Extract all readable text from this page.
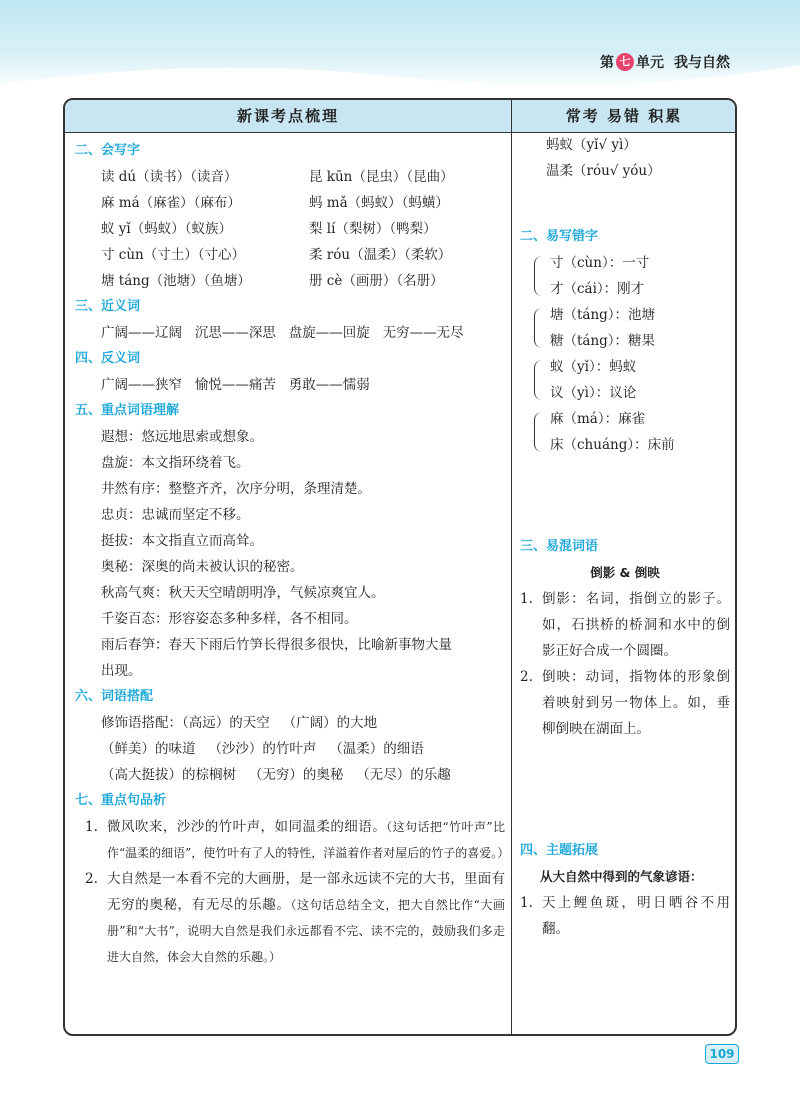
第 七 单元 我与自然
新课考点梳理	常考 易错 积累
二、会写字
读 dú（读书）（读音）	昆 kūn（昆虫）（昆曲）
麻 má（麻雀）（麻布）	蚂 mǎ（蚂蚁）（蚂蟥）
蚁 yǐ（蚂蚁）（蚁族）	梨 lí（梨树）（鸭梨）
寸 cùn（寸土）（寸心）	柔 róu（温柔）（柔软）
塘 táng（池塘）（鱼塘）	册 cè（画册）（名册）
三、近义词
广阔——辽阔   沉思——深思   盘旋——回旋   无穷——无尽
四、反义词
广阔——狭窄   愉悦——痛苦   勇敢——懦弱
五、重点词语理解
遐想：悠远地思索或想象。
盘旋：本文指环绕着飞。
井然有序：整整齐齐，次序分明，条理清楚。
忠贞：忠诚而坚定不移。
挺拔：本文指直立而高耸。
奥秘：深奥的尚未被认识的秘密。
秋高气爽：秋天天空晴朗明净，气候凉爽宜人。
千姿百态：形容姿态多种多样，各不相同。
雨后春笋：春天下雨后竹笋长得很多很快，比喻新事物大量
出现。
六、词语搭配
修饰语搭配：（高远）的天空   （广阔）的大地
（鲜美）的味道   （沙沙）的竹叶声   （温柔）的细语
（高大挺拔）的棕榈树   （无穷）的奥秘   （无尽）的乐趣
七、重点句品析
1. 微风吹来，沙沙的竹叶声，如同温柔的细语。（这句话把“竹叶声”比作“温柔的细语”，使竹叶有了人的特性，洋溢着作者对屋后的竹子的喜爱。）
2. 大自然是一本看不完的大画册，是一部永远读不完的大书，里面有无穷的奥秘，有无尽的乐趣。（这句话总结全文，把大自然比作“大画册”和“大书”，说明大自然是我们永远都看不完、读不完的，鼓励我们多走进大自然，体会大自然的乐趣。）
蚂蚁（yǐ√ yì）
温柔（róu√ yóu）
二、易写错字
寸（cùn）：一寸
才（cái）：刚才
塘（táng）：池塘
糖（táng）：糖果
蚁（yǐ）：蚂蚁
议（yì）：议论
麻（má）：麻雀
床（chuáng）：床前
三、易混词语
倒影 & 倒映
1. 倒影：名词，指倒立的影子。如，石拱桥的桥洞和水中的倒影正好合成一个圆圈。
2. 倒映：动词，指物体的形象倒着映射到另一物体上。如，垂柳倒映在湖面上。
四、主题拓展
从大自然中得到的气象谚语：
1. 天上鲤鱼斑，明日晒谷不用翻。
109
